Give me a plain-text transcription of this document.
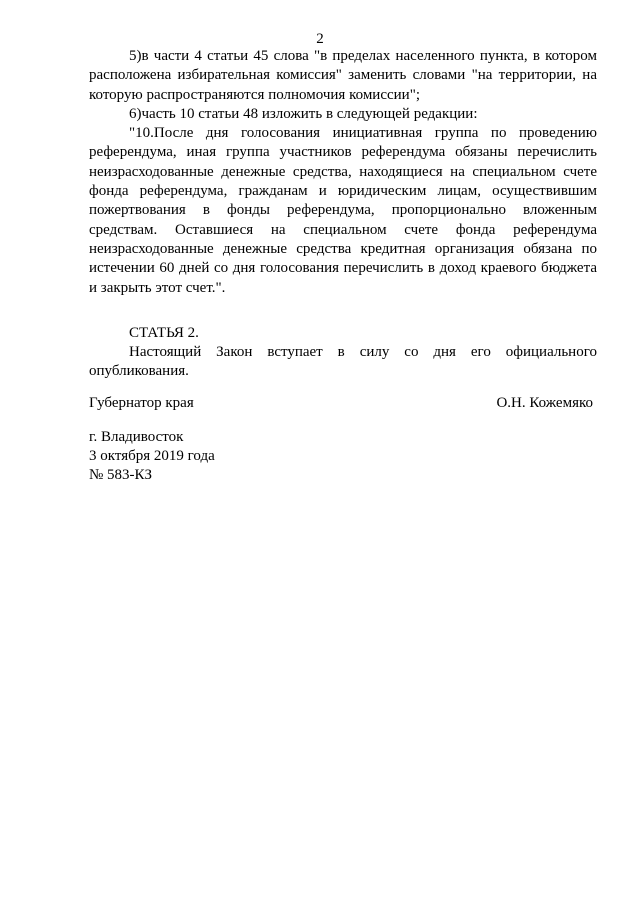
2

5)в части 4 статьи 45 слова "в пределах населенного пункта, в котором расположена избирательная комиссия" заменить словами "на территории, на которую распространяются полномочия комиссии";

6)часть 10 статьи 48 изложить в следующей редакции:

"10.После дня голосования инициативная группа по проведению референдума, иная группа участников референдума обязаны перечислить неизрасходованные денежные средства, находящиеся на специальном счете фонда референдума, гражданам и юридическим лицам, осуществившим пожертвования в фонды референдума, пропорционально вложенным средствам. Оставшиеся на специальном счете фонда референдума неизрасходованные денежные средства кредитная организация обязана по истечении 60 дней со дня голосования перечислить в доход краевого бюджета и закрыть этот счет.".

СТАТЬЯ 2.

Настоящий Закон вступает в силу со дня его официального опубликования.

Губернатор края	О.Н. Кожемяко
г. Владивосток
3 октября 2019 года
№ 583-КЗ
